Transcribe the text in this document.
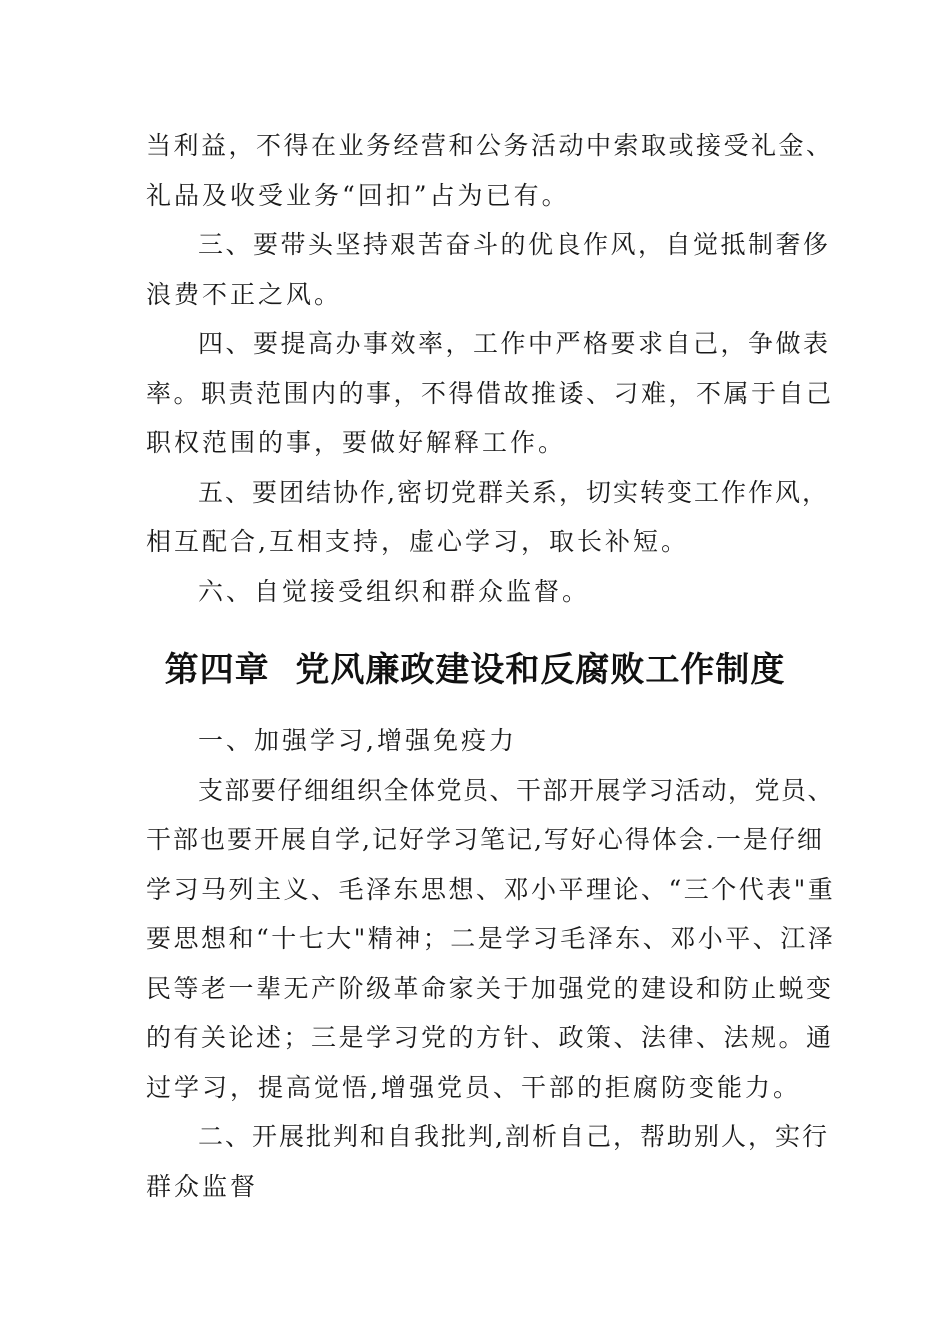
当利益，不得在业务经营和公务活动中索取或接受礼金、

礼品及收受业务“回扣”占为已有。

三、要带头坚持艰苦奋斗的优良作风，自觉抵制奢侈

浪费不正之风。

四、要提高办事效率，工作中严格要求自己，争做表

率。职责范围内的事，不得借故推诿、刁难，不属于自己

职权范围的事，要做好解释工作。

五、要团结协作,密切党群关系，切实转变工作作风，

相互配合,互相支持，虚心学习，取长补短。

六、自觉接受组织和群众监督。

第四章  党风廉政建设和反腐败工作制度

一、加强学习,增强免疫力

支部要仔细组织全体党员、干部开展学习活动，党员、

干部也要开展自学,记好学习笔记,写好心得体会.一是仔细

学习马列主义、毛泽东思想、邓小平理论、“三个代表"重

要思想和“十七大"精神；二是学习毛泽东、邓小平、江泽

民等老一辈无产阶级革命家关于加强党的建设和防止蜕变

的有关论述；三是学习党的方针、政策、法律、法规。通

过学习，提高觉悟,增强党员、干部的拒腐防变能力。

二、开展批判和自我批判,剖析自己，帮助别人，实行

群众监督
